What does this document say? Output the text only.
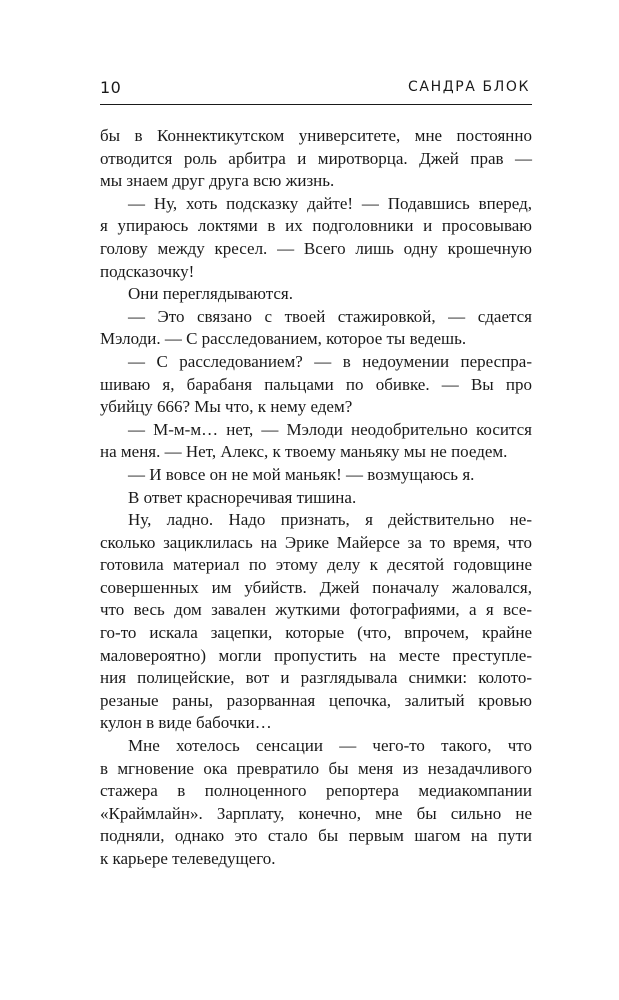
10	САНДРА БЛОК
бы в Коннектикутском университете, мне постоянно
отводится роль арбитра и миротворца. Джей прав —
мы знаем друг друга всю жизнь.
— Ну, хоть подсказку дайте! — Подавшись вперед,
я упираюсь локтями в их подголовники и просовываю
голову между кресел. — Всего лишь одну крошечную
подсказочку!
Они переглядываются.
— Это связано с твоей стажировкой, — сдается
Мэлоди. — С расследованием, которое ты ведешь.
— С расследованием? — в недоумении переспра-
шиваю я, барабаня пальцами по обивке. — Вы про
убийцу 666? Мы что, к нему едем?
— М-м-м… нет, — Мэлоди неодобрительно косится
на меня. — Нет, Алекс, к твоему маньяку мы не поедем.
— И вовсе он не мой маньяк! — возмущаюсь я.
В ответ красноречивая тишина.
Ну, ладно. Надо признать, я действительно не-
сколько зациклилась на Эрике Майерсе за то время, что
готовила материал по этому делу к десятой годовщине
совершенных им убийств. Джей поначалу жаловался,
что весь дом завален жуткими фотографиями, а я все-
го-то искала зацепки, которые (что, впрочем, крайне
маловероятно) могли пропустить на месте преступле-
ния полицейские, вот и разглядывала снимки: колото-
резаные раны, разорванная цепочка, залитый кровью
кулон в виде бабочки…
Мне хотелось сенсации — чего-то такого, что
в мгновение ока превратило бы меня из незадачливого
стажера в полноценного репортера медиакомпании
«Краймлайн». Зарплату, конечно, мне бы сильно не
подняли, однако это стало бы первым шагом на пути
к карьере телеведущего.
